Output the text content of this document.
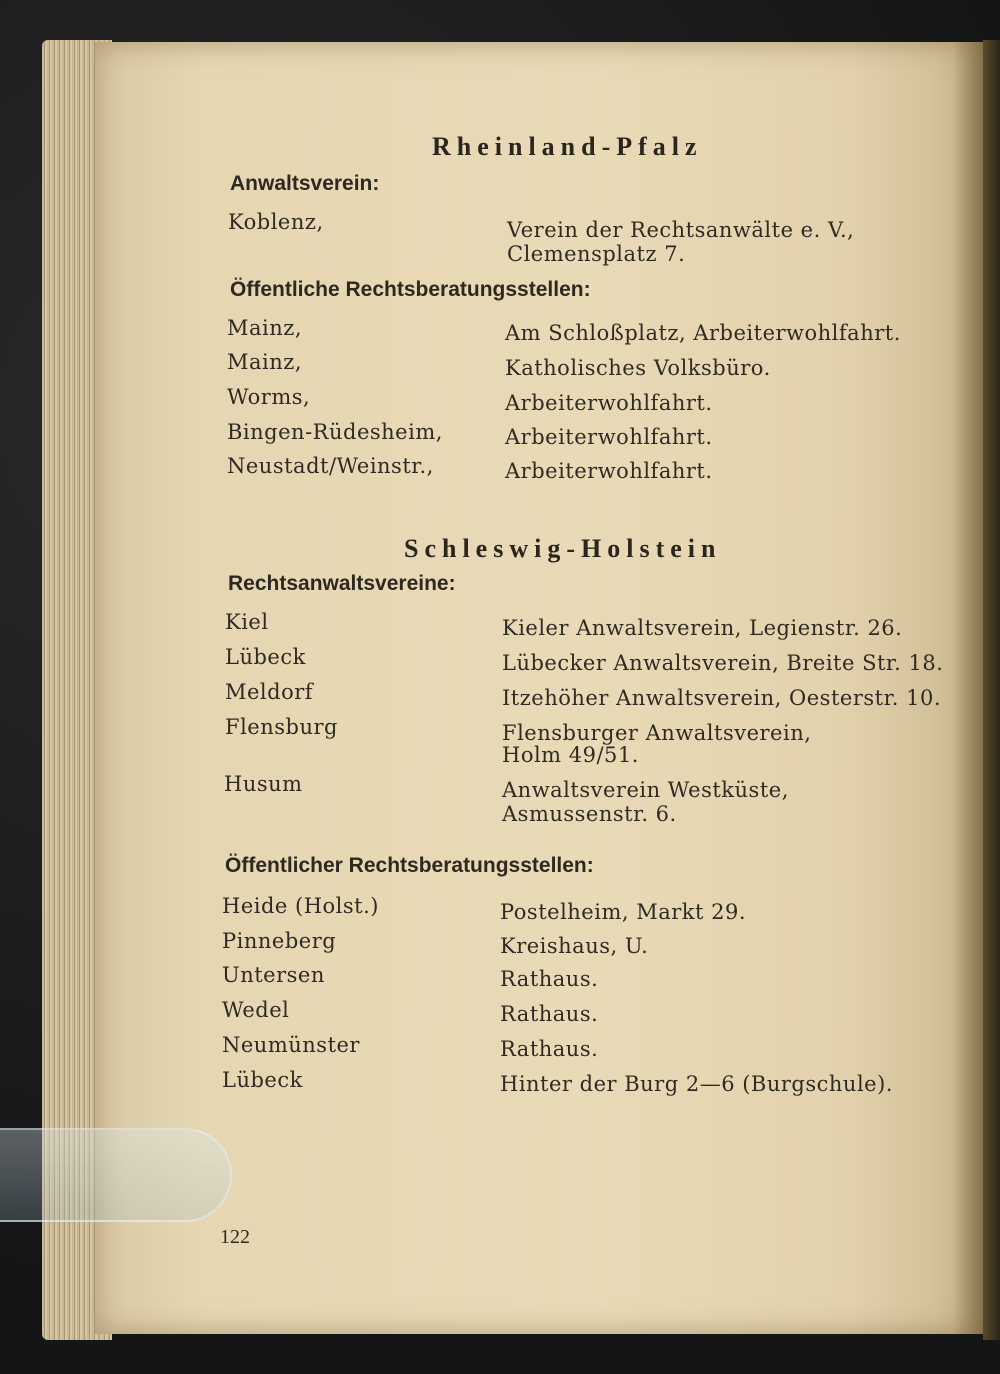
Rheinland-Pfalz
Anwaltsverein:
Koblenz,	Verein der Rechtsanwälte e. V.,
Clemensplatz 7.
Öffentliche Rechtsberatungsstellen:
Mainz,	Am Schloßplatz, Arbeiterwohlfahrt.
Mainz,	Katholisches Volksbüro.
Worms,	Arbeiterwohlfahrt.
Bingen-Rüdesheim,	Arbeiterwohlfahrt.
Neustadt/Weinstr.,	Arbeiterwohlfahrt.
Schleswig-Holstein
Rechtsanwaltsvereine:
Kiel	Kieler Anwaltsverein, Legienstr. 26.
Lübeck	Lübecker Anwaltsverein, Breite Str. 18.
Meldorf	Itzehöher Anwaltsverein, Oesterstr. 10.
Flensburg	Flensburger Anwaltsverein,
Holm 49/51.
Husum	Anwaltsverein Westküste,
Asmussenstr. 6.
Öffentlicher Rechtsberatungsstellen:
Heide (Holst.)	Postelheim, Markt 29.
Pinneberg	Kreishaus, U.
Untersen	Rathaus.
Wedel	Rathaus.
Neumünster	Rathaus.
Lübeck	Hinter der Burg 2—6 (Burgschule).
122
